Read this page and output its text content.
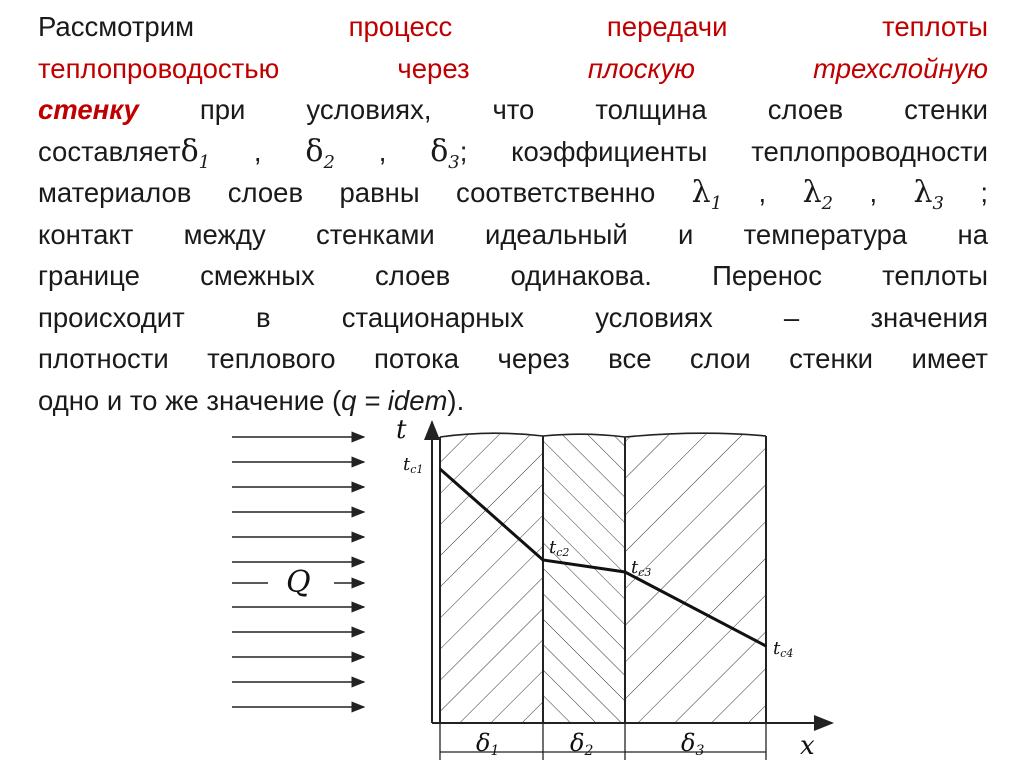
Рассмотрим	процесс	передачи	теплоты
теплопроводостью	через	плоскую	трехслойную
стенку при условиях, что толщина слоев стенки
составляетδ$_1$ , $\delta_2$ , $\delta_3$; коэффициенты теплопроводности
материалов слоев равны соответственно $\lambda_1$ , $\lambda_2$ , $\lambda_3$ ;
контакт между стенками идеальный и температура на
границе смежных слоев одинакова. Перенос теплоты
происходит в стационарных условиях – значения
плотности теплового потока через все слои стенки имеет
одно и то же значение (q = idem).
Q
t
x
tc1
tc2
tc3
tc4
δ1	δ2	δ3
